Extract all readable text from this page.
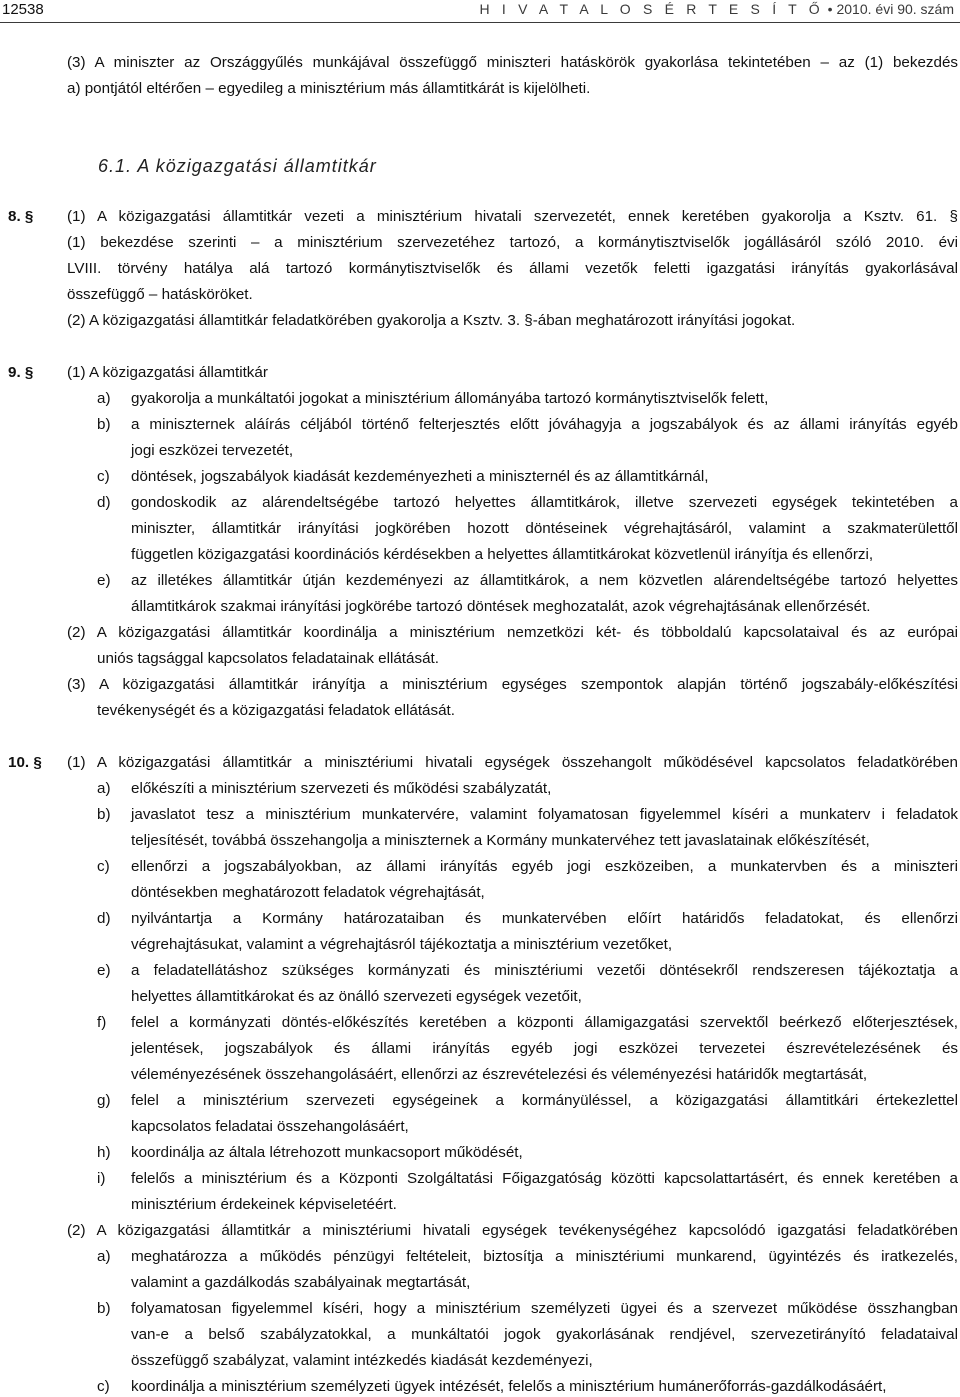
12538	H I V A T A L O S É R T E S Í T Ő • 2010. évi 90. szám
6.1. A közigazgatási államtitkár
(3) A miniszter az Országgyűlés munkájával összefüggő miniszteri hatáskörök gyakorlása tekintetében – az (1) bekezdés
a) pontjától eltérően – egyedileg a minisztérium más államtitkárát is kijelölheti.
8. § (1) A közigazgatási államtitkár vezeti a minisztérium hivatali szervezetét, ennek keretében gyakorolja a Ksztv. 61. §
(1) bekezdése szerinti – a minisztérium szervezetéhez tartozó, a kormánytisztviselők jogállásáról szóló 2010. évi
LVIII. törvény hatálya alá tartozó kormánytisztviselők és állami vezetők feletti igazgatási irányítás gyakorlásával
összefüggő – hatásköröket.
(2) A közigazgatási államtitkár feladatkörében gyakorolja a Ksztv. 3. §-ában meghatározott irányítási jogokat.
9. § (1) A közigazgatási államtitkár
a) gyakorolja a munkáltatói jogokat a minisztérium állományába tartozó kormánytisztviselők felett,
b) a miniszternek aláírás céljából történő felterjesztés előtt jóváhagyja a jogszabályok és az állami irányítás egyéb
jogi eszközei tervezetét,
c) döntések, jogszabályok kiadását kezdeményezheti a miniszternél és az államtitkárnál,
d) gondoskodik az alárendeltségébe tartozó helyettes államtitkárok, illetve szervezeti egységek tekintetében a
miniszter, államtitkár irányítási jogkörében hozott döntéseinek végrehajtásáról, valamint a szakmaterülettől
független közigazgatási koordinációs kérdésekben a helyettes államtitkárokat közvetlenül irányítja és ellenőrzi,
e) az illetékes államtitkár útján kezdeményezi az államtitkárok, a nem közvetlen alárendeltségébe tartozó helyettes
államtitkárok szakmai irányítási jogkörébe tartozó döntések meghozatalát, azok végrehajtásának ellenőrzését.
(2) A közigazgatási államtitkár koordinálja a minisztérium nemzetközi két- és többoldalú kapcsolataival és az európai
uniós tagsággal kapcsolatos feladatainak ellátását.
(3) A közigazgatási államtitkár irányítja a minisztérium egységes szempontok alapján történő jogszabály-előkészítési
tevékenységét és a közigazgatási feladatok ellátását.
10. § (1) A közigazgatási államtitkár a minisztériumi hivatali egységek összehangolt működésével kapcsolatos feladatkörében
a) előkészíti a minisztérium szervezeti és működési szabályzatát,
b) javaslatot tesz a minisztérium munkatervére, valamint folyamatosan figyelemmel kíséri a munkaterv i feladatok
teljesítését, továbbá összehangolja a miniszternek a Kormány munkatervéhez tett javaslatainak előkészítését,
c) ellenőrzi a jogszabályokban, az állami irányítás egyéb jogi eszközeiben, a munkatervben és a miniszteri
döntésekben meghatározott feladatok végrehajtását,
d) nyilvántartja a Kormány határozataiban és munkatervében előírt határidős feladatokat, és ellenőrzi
végrehajtásukat, valamint a végrehajtásról tájékoztatja a minisztérium vezetőket,
e) a feladatellátáshoz szükséges kormányzati és minisztériumi vezetői döntésekről rendszeresen tájékoztatja a
helyettes államtitkárokat és az önálló szervezeti egységek vezetőit,
f) felel a kormányzati döntés-előkészítés keretében a központi államigazgatási szervektől beérkező előterjesztések,
jelentések, jogszabályok és állami irányítás egyéb jogi eszközei tervezetei észrevételezésének és
véleményezésének összehangolásáért, ellenőrzi az észrevételezési és véleményezési határidők megtartását,
g) felel a minisztérium szervezeti egységeinek a kormányüléssel, a közigazgatási államtitkári értekezlettel
kapcsolatos feladatai összehangolásáért,
h) koordinálja az általa létrehozott munkacsoport működését,
i) felelős a minisztérium és a Központi Szolgáltatási Főigazgatóság közötti kapcsolattartásért, és ennek keretében a
minisztérium érdekeinek képviseletéért.
(2) A közigazgatási államtitkár a minisztériumi hivatali egységek tevékenységéhez kapcsolódó igazgatási feladatkörében
a) meghatározza a működés pénzügyi feltételeit, biztosítja a minisztériumi munkarend, ügyintézés és iratkezelés,
valamint a gazdálkodás szabályainak megtartását,
b) folyamatosan figyelemmel kíséri, hogy a minisztérium személyzeti ügyei és a szervezet működése összhangban
van-e a belső szabályzatokkal, a munkáltatói jogok gyakorlásának rendjével, szervezetirányító feladataival
összefüggő szabályzat, valamint intézkedés kiadását kezdeményezi,
c) koordinálja a minisztérium személyzeti ügyek intézését, felelős a minisztérium humánerőforrás-gazdálkodásáért,
